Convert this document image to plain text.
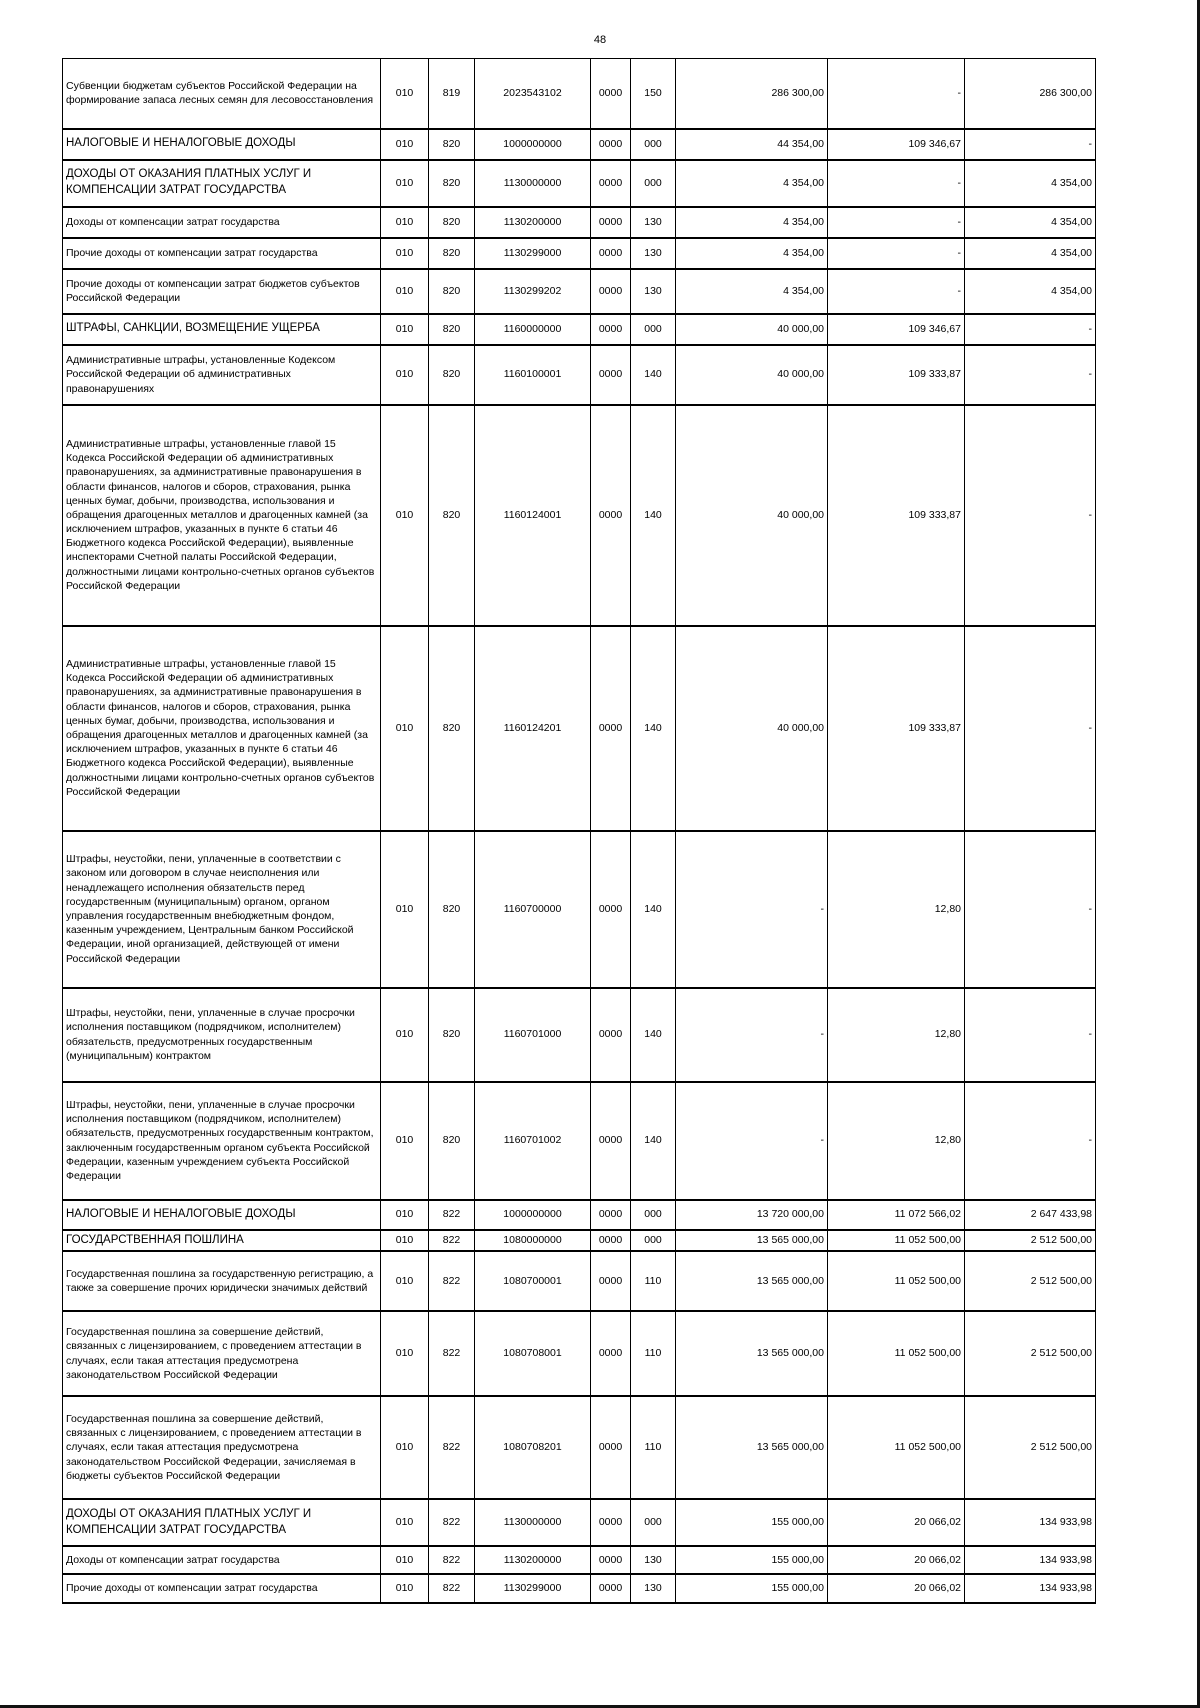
48
Субвенции бюджетам субъектов Российской Федерации на формирование запаса лесных семян для лесовосстановления	010	819	2023543102	0000	150	286 300,00	-	286 300,00
НАЛОГОВЫЕ И НЕНАЛОГОВЫЕ ДОХОДЫ	010	820	1000000000	0000	000	44 354,00	109 346,67	-
ДОХОДЫ ОТ ОКАЗАНИЯ ПЛАТНЫХ УСЛУГ И КОМПЕНСАЦИИ ЗАТРАТ ГОСУДАРСТВА	010	820	1130000000	0000	000	4 354,00	-	4 354,00
Доходы от компенсации затрат государства	010	820	1130200000	0000	130	4 354,00	-	4 354,00
Прочие доходы от компенсации затрат государства	010	820	1130299000	0000	130	4 354,00	-	4 354,00
Прочие доходы от компенсации затрат бюджетов субъектов Российской Федерации	010	820	1130299202	0000	130	4 354,00	-	4 354,00
ШТРАФЫ, САНКЦИИ, ВОЗМЕЩЕНИЕ УЩЕРБА	010	820	1160000000	0000	000	40 000,00	109 346,67	-
Административные штрафы, установленные Кодексом Российской Федерации об административных правонарушениях	010	820	1160100001	0000	140	40 000,00	109 333,87	-
Административные штрафы, установленные главой 15 Кодекса Российской Федерации об административных правонарушениях, за административные правонарушения в области финансов, налогов и сборов, страхования, рынка ценных бумаг, добычи, производства, использования и обращения драгоценных металлов и драгоценных камней (за исключением штрафов, указанных в пункте 6 статьи 46 Бюджетного кодекса Российской Федерации), выявленные инспекторами Счетной палаты Российской Федерации, должностными лицами контрольно-счетных органов субъектов Российской Федерации	010	820	1160124001	0000	140	40 000,00	109 333,87	-
Административные штрафы, установленные главой 15 Кодекса Российской Федерации об административных правонарушениях, за административные правонарушения в области финансов, налогов и сборов, страхования, рынка ценных бумаг, добычи, производства, использования и обращения драгоценных металлов и драгоценных камней (за исключением штрафов, указанных в пункте 6 статьи 46 Бюджетного кодекса Российской Федерации), выявленные должностными лицами контрольно-счетных органов субъектов Российской Федерации	010	820	1160124201	0000	140	40 000,00	109 333,87	-
Штрафы, неустойки, пени, уплаченные в соответствии с законом или договором в случае неисполнения или ненадлежащего исполнения обязательств перед государственным (муниципальным) органом, органом управления государственным внебюджетным фондом, казенным учреждением, Центральным банком Российской Федерации, иной организацией, действующей от имени Российской Федерации	010	820	1160700000	0000	140	-	12,80	-
Штрафы, неустойки, пени, уплаченные в случае просрочки исполнения поставщиком (подрядчиком, исполнителем) обязательств, предусмотренных государственным (муниципальным) контрактом	010	820	1160701000	0000	140	-	12,80	-
Штрафы, неустойки, пени, уплаченные в случае просрочки исполнения поставщиком (подрядчиком, исполнителем) обязательств, предусмотренных государственным контрактом, заключенным государственным органом субъекта Российской Федерации, казенным учреждением субъекта Российской Федерации	010	820	1160701002	0000	140	-	12,80	-
НАЛОГОВЫЕ И НЕНАЛОГОВЫЕ ДОХОДЫ	010	822	1000000000	0000	000	13 720 000,00	11 072 566,02	2 647 433,98
ГОСУДАРСТВЕННАЯ ПОШЛИНА	010	822	1080000000	0000	000	13 565 000,00	11 052 500,00	2 512 500,00
Государственная пошлина за государственную регистрацию, а также за совершение прочих юридически значимых действий	010	822	1080700001	0000	110	13 565 000,00	11 052 500,00	2 512 500,00
Государственная пошлина за совершение действий, связанных с лицензированием, с проведением аттестации в случаях, если такая аттестация предусмотрена законодательством Российской Федерации	010	822	1080708001	0000	110	13 565 000,00	11 052 500,00	2 512 500,00
Государственная пошлина за совершение действий, связанных с лицензированием, с проведением аттестации в случаях, если такая аттестация предусмотрена законодательством Российской Федерации, зачисляемая в бюджеты субъектов Российской Федерации	010	822	1080708201	0000	110	13 565 000,00	11 052 500,00	2 512 500,00
ДОХОДЫ ОТ ОКАЗАНИЯ ПЛАТНЫХ УСЛУГ И КОМПЕНСАЦИИ ЗАТРАТ ГОСУДАРСТВА	010	822	1130000000	0000	000	155 000,00	20 066,02	134 933,98
Доходы от компенсации затрат государства	010	822	1130200000	0000	130	155 000,00	20 066,02	134 933,98
Прочие доходы от компенсации затрат государства	010	822	1130299000	0000	130	155 000,00	20 066,02	134 933,98
